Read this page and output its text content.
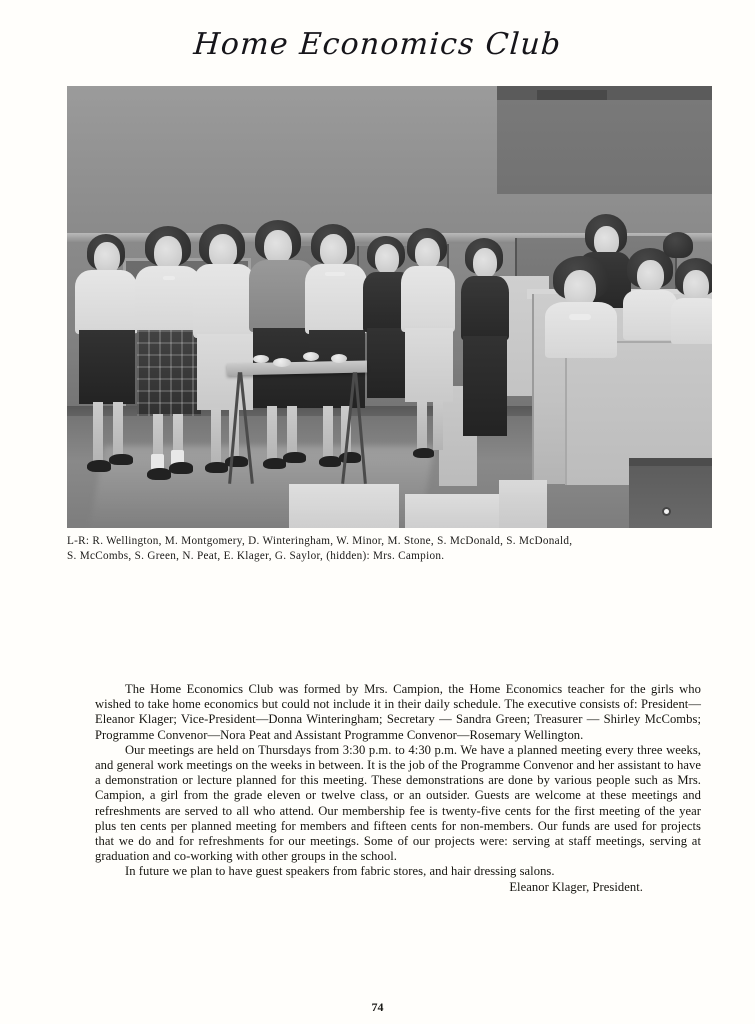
Home Economics Club
L-R: R. Wellington, M. Montgomery, D. Winteringham, W. Minor, M. Stone, S. McDonald, S. McDonald,
S. McCombs, S. Green, N. Peat, E. Klager, G. Saylor, (hidden): Mrs. Campion.

The Home Economics Club was formed by Mrs. Campion, the Home Economics teacher for the girls who wished to take home economics but could not include it in their daily schedule. The executive consists of: President—Eleanor Klager; Vice-President—Donna Winteringham; Secretary — Sandra Green; Treasurer — Shirley McCombs; Programme Convenor—Nora Peat and Assistant Programme Convenor—Rosemary Wellington.

Our meetings are held on Thursdays from 3:30 p.m. to 4:30 p.m. We have a planned meeting every three weeks, and general work meetings on the weeks in between. It is the job of the Programme Convenor and her assistant to have a demonstration or lecture planned for this meeting. These demonstrations are done by various people such as Mrs. Campion, a girl from the grade eleven or twelve class, or an outsider. Guests are welcome at these meetings and refreshments are served to all who attend. Our membership fee is twenty-five cents for the first meeting of the year plus ten cents per planned meeting for members and fifteen cents for non-members. Our funds are used for projects that we do and for refreshments for our meetings. Some of our projects were: serving at staff meetings, serving at graduation and co-working with other groups in the school.

In future we plan to have guest speakers from fabric stores, and hair dressing salons.

Eleanor Klager, President.

74
